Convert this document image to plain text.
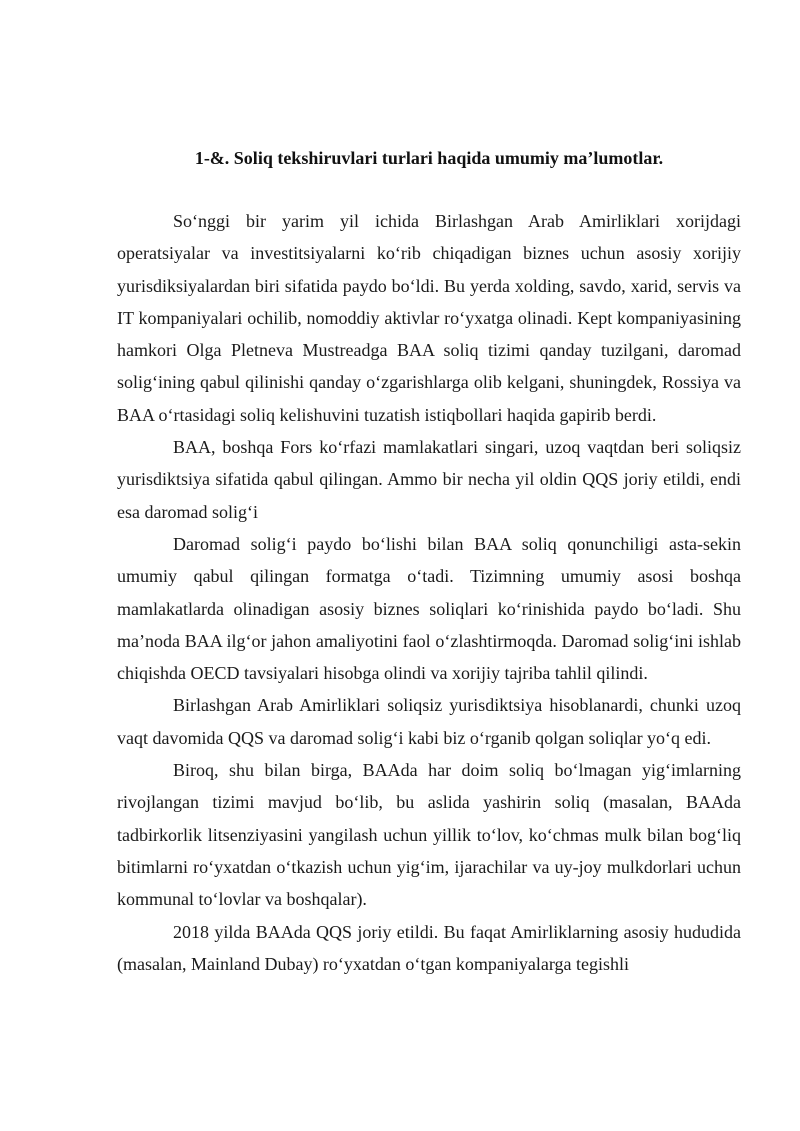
1-&. Soliq tekshiruvlari turlari haqida umumiy ma’lumotlar.

So‘nggi bir yarim yil ichida Birlashgan Arab Amirliklari xorijdagi operatsiyalar va investitsiyalarni ko‘rib chiqadigan biznes uchun asosiy xorijiy yurisdiksiyalardan biri sifatida paydo bo‘ldi. Bu yerda xolding, savdo, xarid, servis va IT kompaniyalari ochilib, nomoddiy aktivlar ro‘yxatga olinadi. Kept kompaniyasining hamkori Olga Pletneva Mustreadga BAA soliq tizimi qanday tuzilgani, daromad solig‘ining qabul qilinishi qanday o‘zgarishlarga olib kelgani, shuningdek, Rossiya va BAA o‘rtasidagi soliq kelishuvini tuzatish istiqbollari haqida gapirib berdi.

BAA, boshqa Fors ko‘rfazi mamlakatlari singari, uzoq vaqtdan beri soliqsiz yurisdiktsiya sifatida qabul qilingan. Ammo bir necha yil oldin QQS joriy etildi, endi esa daromad solig‘i

Daromad solig‘i paydo bo‘lishi bilan BAA soliq qonunchiligi asta-sekin umumiy qabul qilingan formatga o‘tadi. Tizimning umumiy asosi boshqa mamlakatlarda olinadigan asosiy biznes soliqlari ko‘rinishida paydo bo‘ladi. Shu ma’noda BAA ilg‘or jahon amaliyotini faol o‘zlashtirmoqda. Daromad solig‘ini ishlab chiqishda OECD tavsiyalari hisobga olindi va xorijiy tajriba tahlil qilindi.

Birlashgan Arab Amirliklari soliqsiz yurisdiktsiya hisoblanardi, chunki uzoq vaqt davomida QQS va daromad solig‘i kabi biz o‘rganib qolgan soliqlar yo‘q edi.

Biroq, shu bilan birga, BAAda har doim soliq bo‘lmagan yig‘imlarning rivojlangan tizimi mavjud bo‘lib, bu aslida yashirin soliq (masalan, BAAda tadbirkorlik litsenziyasini yangilash uchun yillik to‘lov, ko‘chmas mulk bilan bog‘liq bitimlarni ro‘yxatdan o‘tkazish uchun yig‘im, ijarachilar va uy-joy mulkdorlari uchun kommunal to‘lovlar va boshqalar).

2018 yilda BAAda QQS joriy etildi. Bu faqat Amirliklarning asosiy hududida (masalan, Mainland Dubay) ro‘yxatdan o‘tgan kompaniyalarga tegishli
